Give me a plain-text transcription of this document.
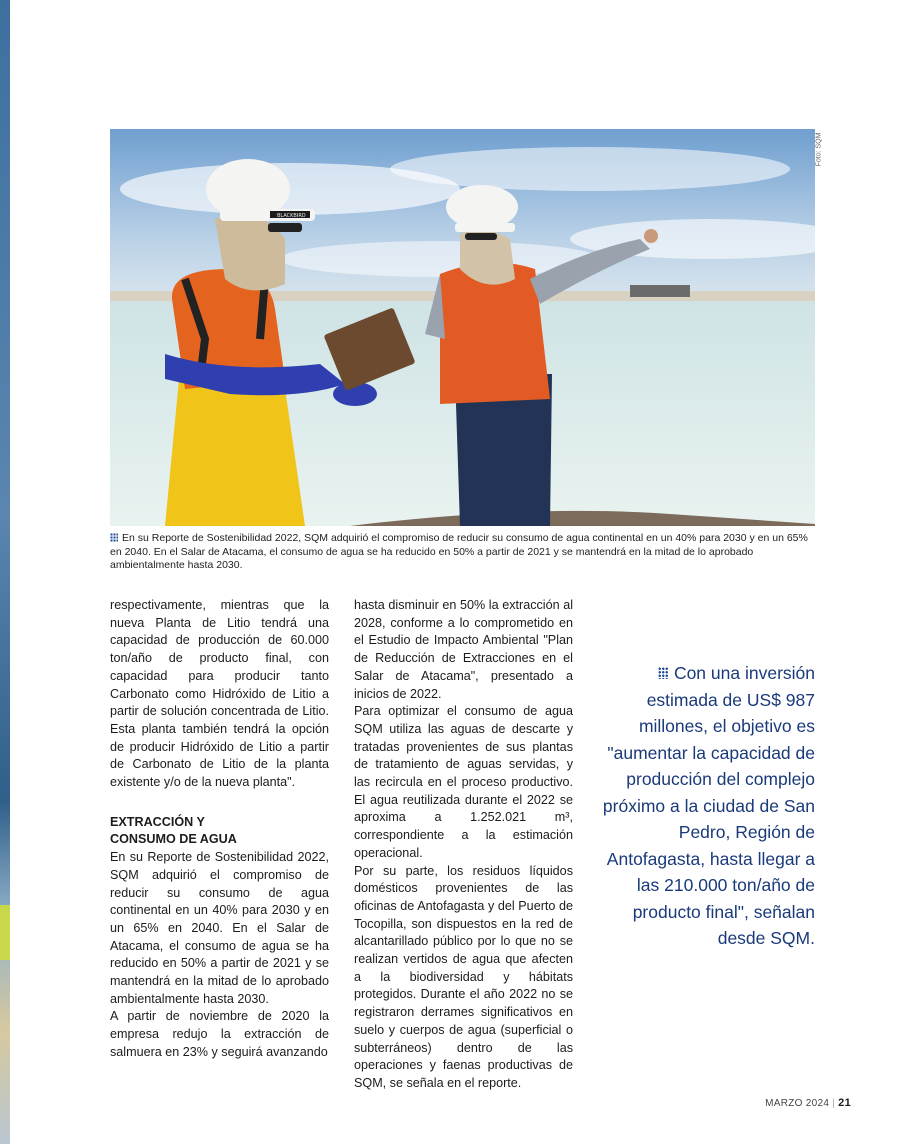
BLACKBIRD
Foto: SQM
En su Reporte de Sostenibilidad 2022, SQM adquirió el compromiso de reducir su consumo de agua continental en un 40% para 2030 y en un 65% en 2040. En el Salar de Atacama, el consumo de agua se ha reducido en 50% a partir de 2021 y se mantendrá en la mitad de lo aprobado ambientalmente hasta 2030.

respectivamente, mientras que la nueva Planta de Litio tendrá una capacidad de producción de 60.000 ton/año de producto final, con capacidad para producir tanto Carbonato como Hidróxido de Litio a partir de solución concentrada de Litio. Esta planta también tendrá la opción de producir Hidróxido de Litio a partir de Carbonato de Litio de la planta existente y/o de la nueva planta".

EXTRACCIÓN Y
CONSUMO DE AGUA

En su Reporte de Sostenibilidad 2022, SQM adquirió el compromiso de reducir su consumo de agua continental en un 40% para 2030 y en un 65% en 2040. En el Salar de Atacama, el consumo de agua se ha reducido en 50% a partir de 2021 y se mantendrá en la mitad de lo aprobado ambientalmente hasta 2030.

A partir de noviembre de 2020 la empresa redujo la extracción de salmuera en 23% y seguirá avanzando

hasta disminuir en 50% la extracción al 2028, conforme a lo comprometido en el Estudio de Impacto Ambiental "Plan de Reducción de Extracciones en el Salar de Atacama", presentado a inicios de 2022.

Para optimizar el consumo de agua SQM utiliza las aguas de descarte y tratadas provenientes de sus plantas de tratamiento de aguas servidas, y las recircula en el proceso productivo. El agua reutilizada durante el 2022 se aproxima a 1.252.021 m³, correspondiente a la estimación operacional.

Por su parte, los residuos líquidos domésticos provenientes de las oficinas de Antofagasta y del Puerto de Tocopilla, son dispuestos en la red de alcantarillado público por lo que no se realizan vertidos de agua que afecten a la biodiversidad y hábitats protegidos. Durante el año 2022 no se registraron derrames significativos en suelo y cuerpos de agua (superficial o subterráneos) dentro de las operaciones y faenas productivas de SQM, se señala en el reporte.

Con una inversión estimada de US$ 987 millones, el objetivo es "aumentar la capacidad de producción del complejo próximo a la ciudad de San Pedro, Región de Antofagasta, hasta llegar a las 210.000 ton/año de producto final", señalan desde SQM.
MARZO 2024 | 21
